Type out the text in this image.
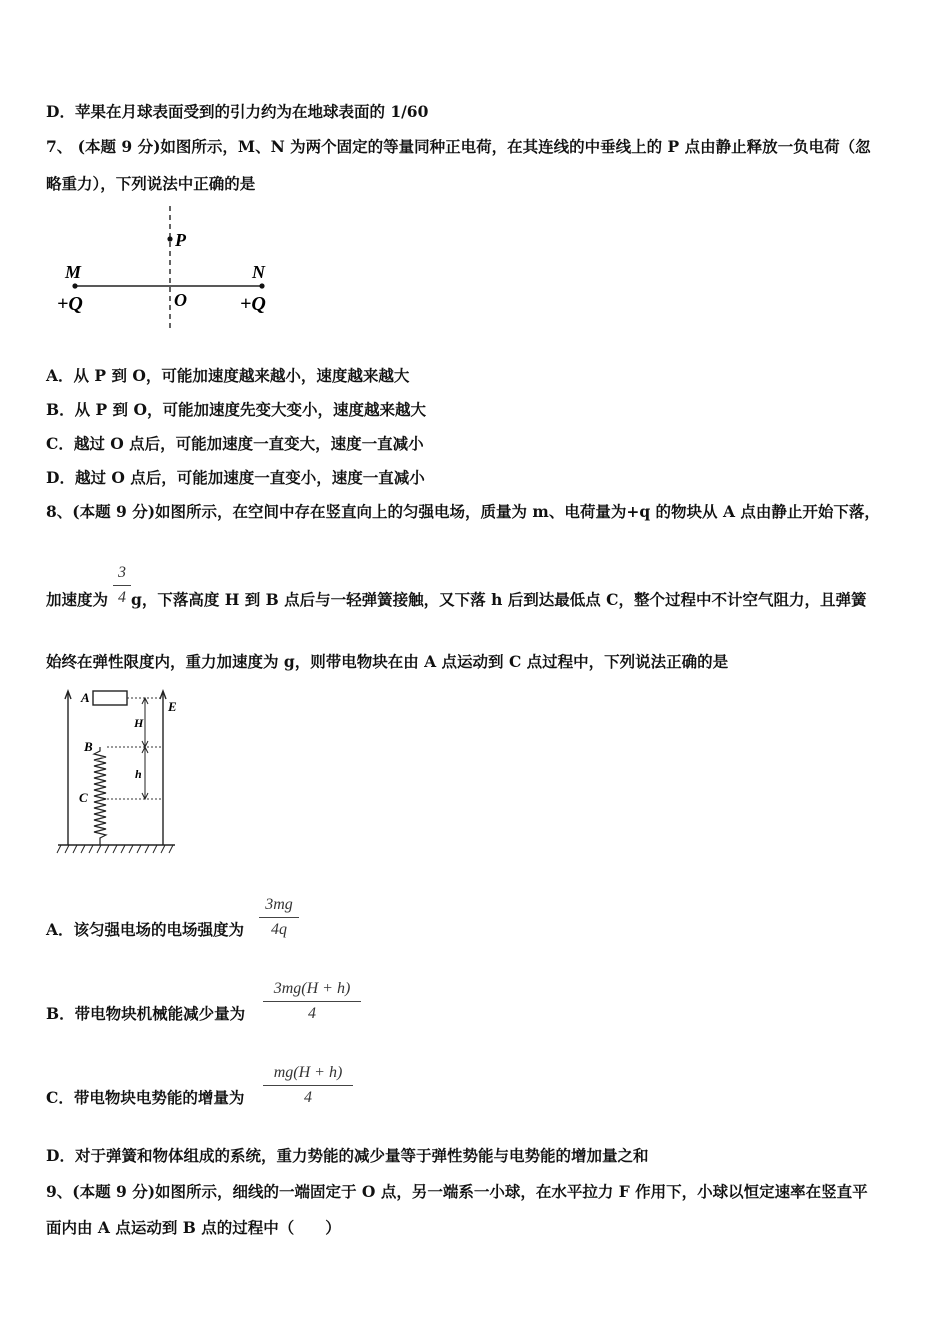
D．苹果在月球表面受到的引力约为在地球表面的 1/60
7、 (本题 9 分)如图所示，M、N 为两个固定的等量同种正电荷，在其连线的中垂线上的 P 点由静止释放一负电荷（忽
略重力），下列说法中正确的是
P
M	N
O
+Q	+Q
A．从 P 到 O，可能加速度越来越小，速度越来越大
B．从 P 到 O，可能加速度先变大变小，速度越来越大
C．越过 O 点后，可能加速度一直变大，速度一直减小
D．越过 O 点后，可能加速度一直变小，速度一直减小
8、(本题 9 分)如图所示，在空间中存在竖直向上的匀强电场，质量为 m、电荷量为+q 的物块从 A 点由静止开始下落，
加速度为
3
4 g，下落高度 H 到 B 点后与一轻弹簧接触，又下落 h 后到达最低点 C，整个过程中不计空气阻力，且弹簧
始终在弹性限度内，重力加速度为 g，则带电物块在由 A 点运动到 C 点过程中，下列说法正确的是
A
B
C
E
H
h
A．该匀强电场的电场强度为
3mg
4q
B．带电物块机械能减少量为
3mg(H + h)
4
C．带电物块电势能的增量为
mg(H + h)
4
D．对于弹簧和物体组成的系统，重力势能的减少量等于弹性势能与电势能的增加量之和
9、(本题 9 分)如图所示，细线的一端固定于 O 点，另一端系一小球，在水平拉力 F 作用下，小球以恒定速率在竖直平
面内由 A 点运动到 B 点的过程中（　　）
